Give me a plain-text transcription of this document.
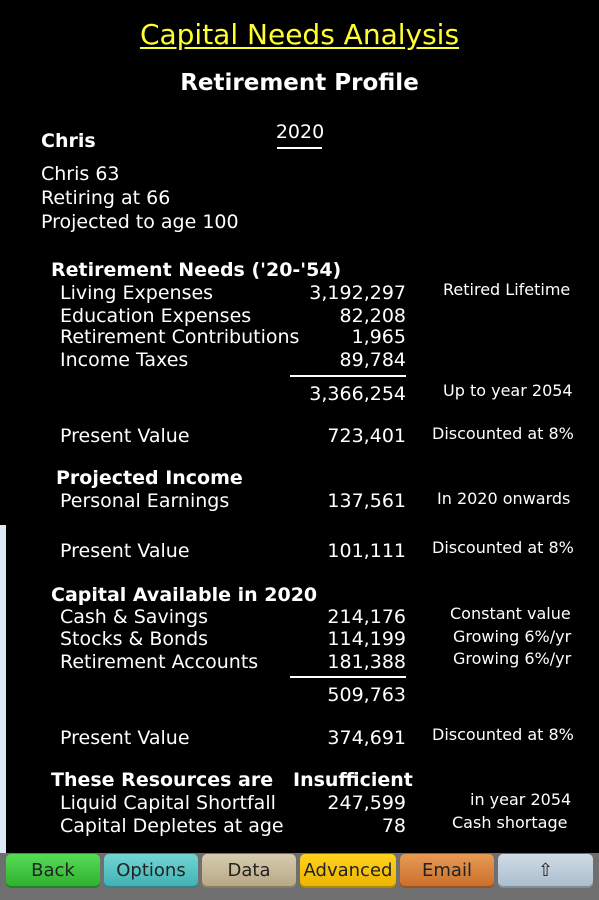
Capital Needs Analysis
Retirement Profile
Chris	2020
Chris 63
Retiring at 66
Projected to age 100
Retirement Needs ('20-'54)
Living Expenses	3,192,297 Retired Lifetime
Education Expenses	82,208
Retirement Contributions	1,965
Income Taxes	89,784
3,366,254 Up to year 2054
Present Value	723,401 Discounted at 8%
Projected Income
Personal Earnings	137,561 In 2020 onwards
Present Value	101,111 Discounted at 8%
Capital Available in 2020
Cash & Savings	214,176	Constant value
Stocks & Bonds	114,199	Growing 6%/yr
Retirement Accounts	181,388	Growing 6%/yr
509,763
Present Value	374,691 Discounted at 8%
These Resources are Insufficient
Liquid Capital Shortfall	247,599	in year 2054
Capital Depletes at age	78	Cash shortage
Back	Options	Data	Advanced	Email	⇧
